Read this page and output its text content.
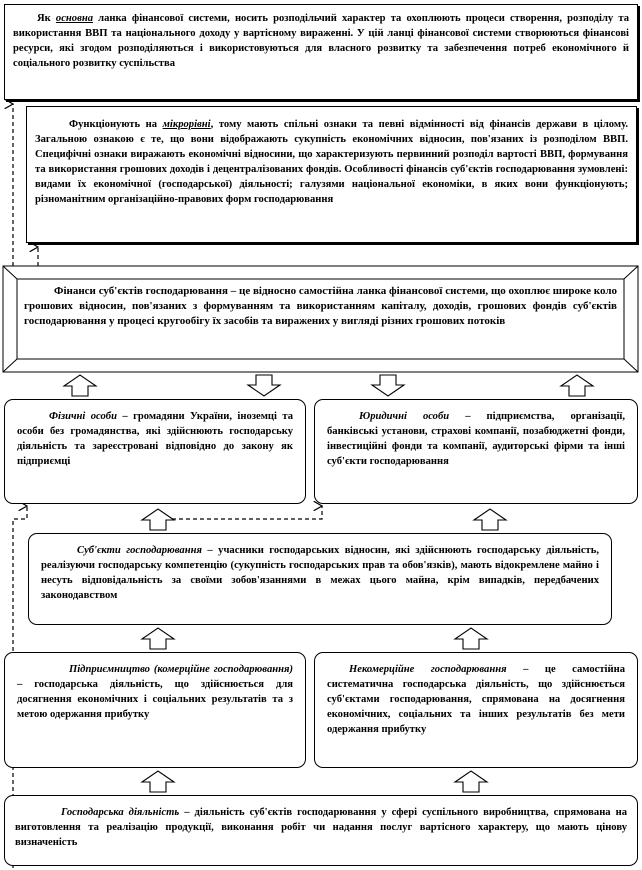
Як основна ланка фінансової системи, носить розподільчий характер та охоплюють процеси створення, розподілу та використання ВВП та національного доходу у вартісному вираженні. У цій ланці фінансової системи створюються фінансові ресурси, які згодом розподіляються і використовуються для власного розвитку та забезпечення потреб економічного й соціального розвитку суспільства

Функціонують на мікрорівні, тому мають спільні ознаки та певні відмінності від фінансів держави в цілому. Загальною ознакою є те, що вони відображають сукупність економічних відносин, пов'язаних із розподілом ВВП. Специфічні ознаки виражають економічні відносини, що характеризують первинний розподіл вартості ВВП, формування та використання грошових доходів і децентралізованих фондів. Особливості фінансів суб'єктів господарювання зумовлені: видами їх економічної (господарської) діяльності; галузями національної економіки, в яких вони функціонують; різноманітним організаційно-правових форм господарювання

Фінанси суб'єктів господарювання – це відносно самостійна ланка фінансової системи, що охоплює широке коло грошових відносин, пов'язаних з формуванням та використанням капіталу, доходів, грошових фондів суб'єктів господарювання у процесі кругообігу їх засобів та виражених у вигляді різних грошових потоків

Фізичні особи – громадяни України, іноземці та особи без громадянства, які здійснюють господарську діяльність та зареєстровані відповідно до закону як підприємці

Юридичні особи – підприємства, організації, банківські установи, страхові компанії, позабюджетні фонди, інвестиційні фонди та компанії, аудиторські фірми та інші суб'єкти господарювання

Суб'єкти господарювання – учасники господарських відносин, які здійснюють господарську діяльність, реалізуючи господарську компетенцію (сукупність господарських прав та обов'язків), мають відокремлене майно і несуть відповідальність за своїми зобов'язаннями в межах цього майна, крім випадків, передбачених законодавством

Підприємництво (комерційне господарювання) – господарська діяльність, що здійснюється для досягнення економічних і соціальних результатів та з метою одержання прибутку

Некомерційне господарювання – це самостійна систематична господарська діяльність, що здійснюється суб'єктами господарювання, спрямована на досягнення економічних, соціальних та інших результатів без мети одержання прибутку

Господарська діяльність – діяльність суб'єктів господарювання у сфері суспільного виробництва, спрямована на виготовлення та реалізацію продукції, виконання робіт чи надання послуг вартісного характеру, що мають цінову визначеність
